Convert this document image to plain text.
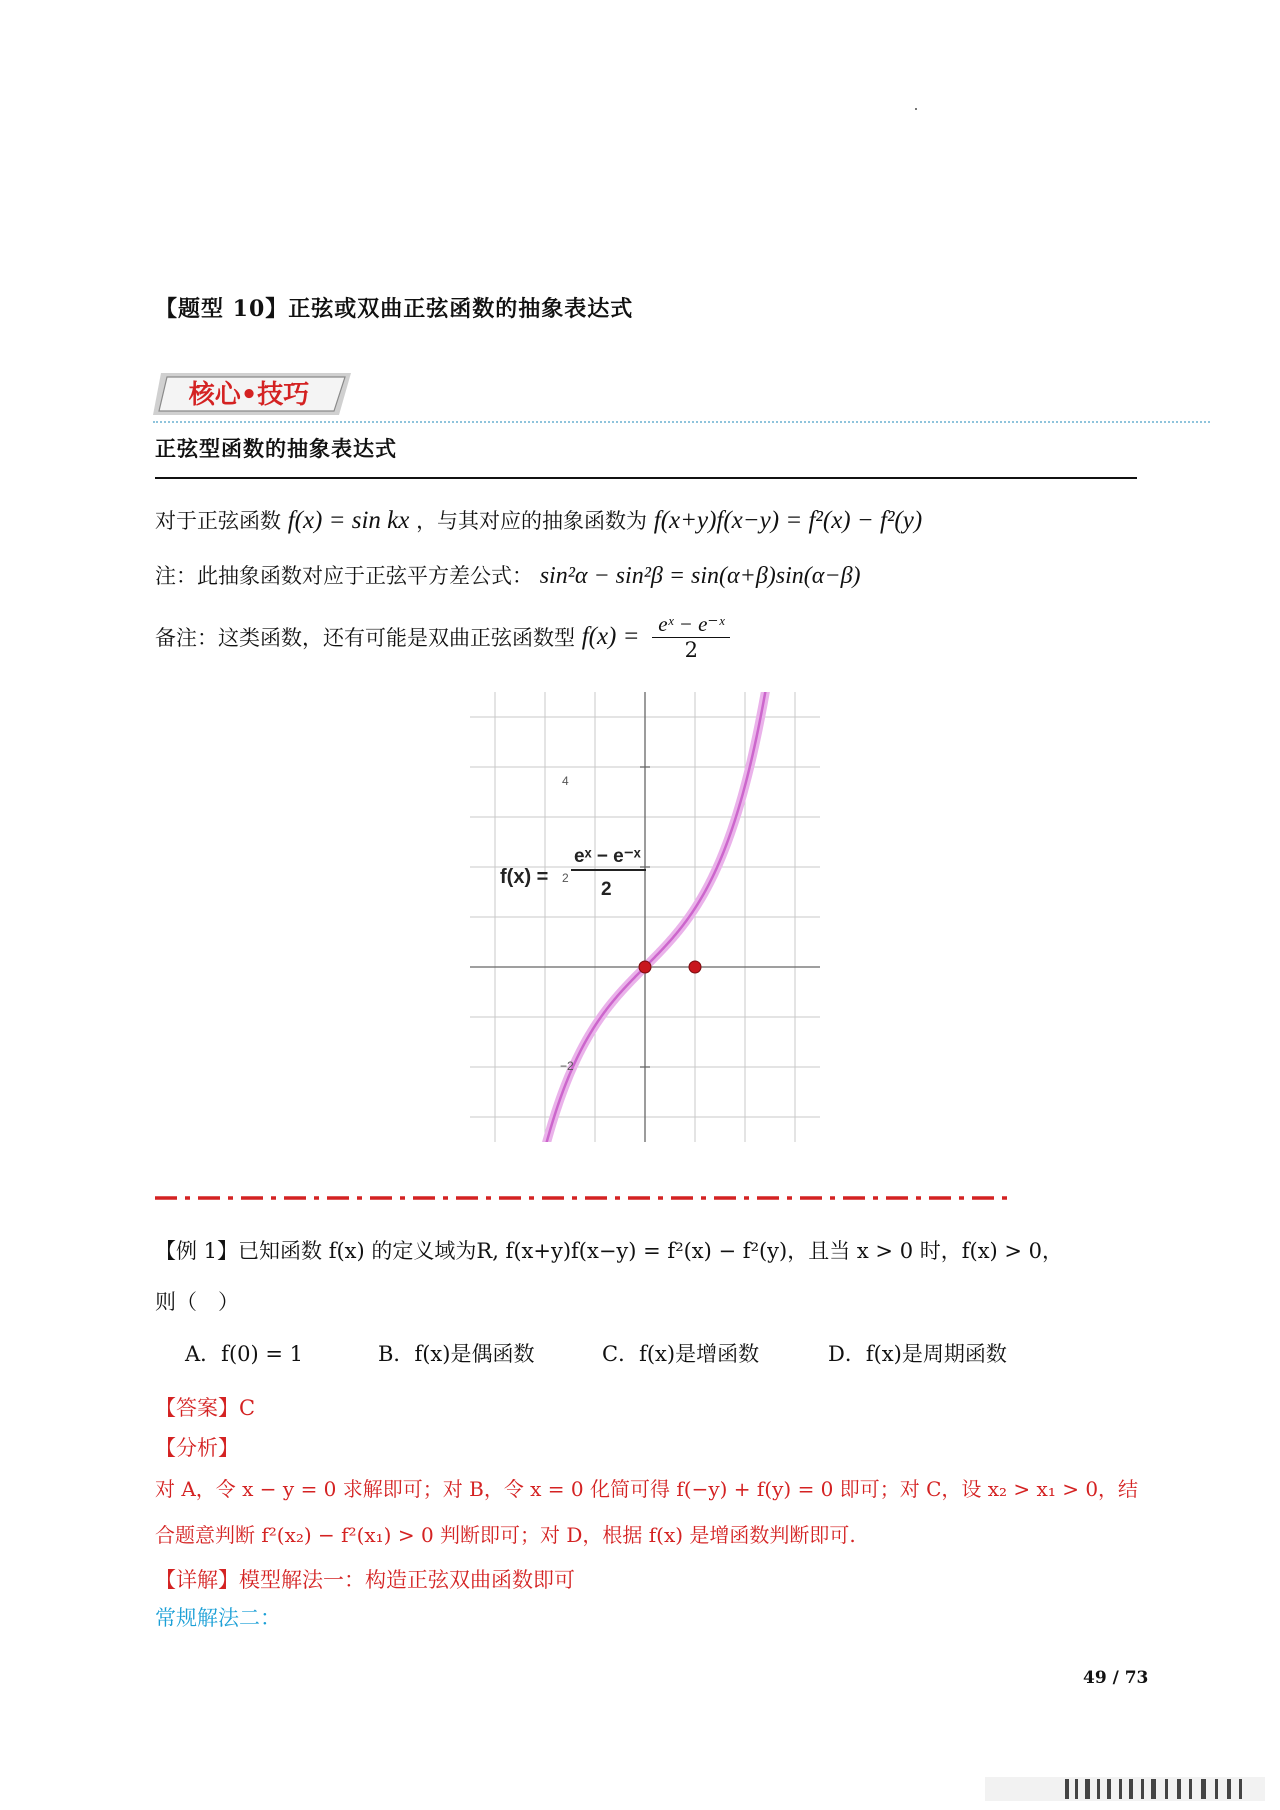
【题型 10】正弦或双曲正弦函数的抽象表达式
核心•技巧
正弦型函数的抽象表达式
对于正弦函数 f(x) = sin kx ，与其对应的抽象函数为 f(x+y)f(x−y) = f²(x) − f²(y)
注：此抽象函数对应于正弦平方差公式： sin²α − sin²β = sin(α+β)sin(α−β)
备注：这类函数，还有可能是双曲正弦函数型 $f(x) = \frac{\text{eˣ − e⁻ˣ}}{2}$
4
2
−2
f(x) =
eˣ − e⁻ˣ
2
【例 1】已知函数 f(x) 的定义域为R, f(x+y)f(x−y) = f²(x) − f²(y)，且当 x > 0 时，f(x) > 0，
则（　）
A．f(0) = 1	B．f(x)是偶函数	C．f(x)是增函数	D．f(x)是周期函数
【答案】C
【分析】
对 A，令 x − y = 0 求解即可；对 B，令 x = 0 化简可得 f(−y) + f(y) = 0 即可；对 C，设 x₂ > x₁ > 0，结
合题意判断 f²(x₂) − f²(x₁) > 0 判断即可；对 D，根据 f(x) 是增函数判断即可.
【详解】模型解法一：构造正弦双曲函数即可
常规解法二：
49 / 73
